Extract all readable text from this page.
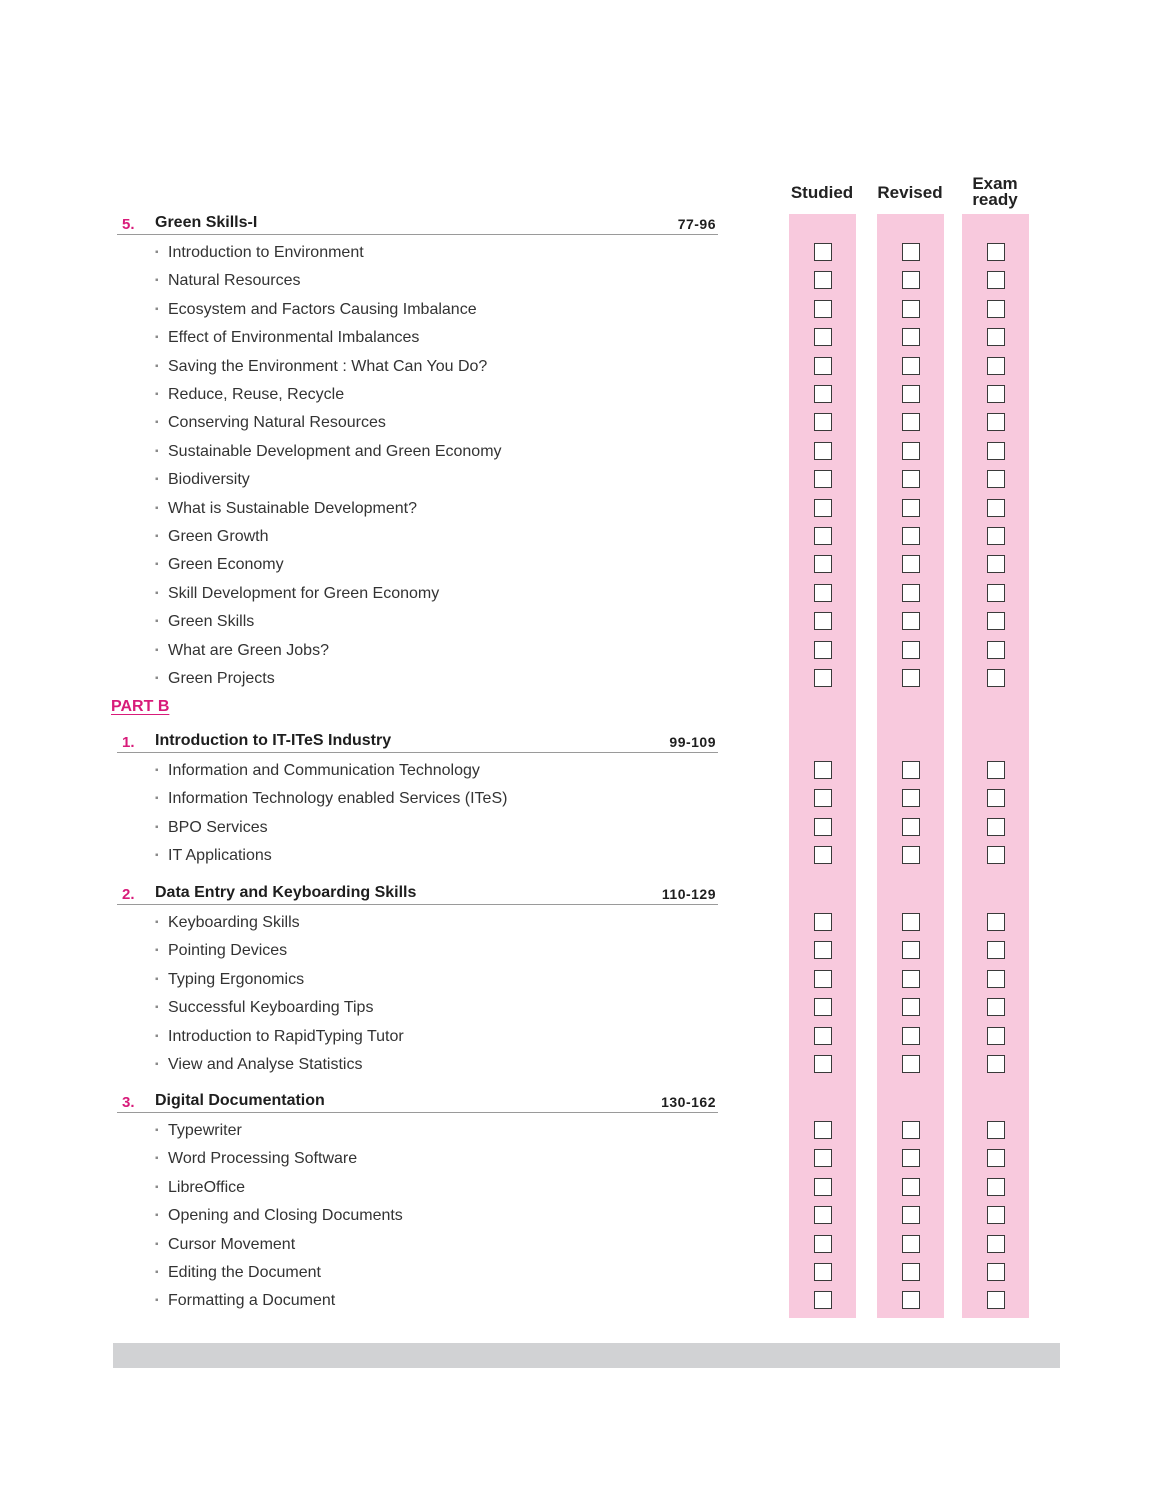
Studied	Revised	Exam
ready
5. Green Skills-I	77-96
▪ Introduction to Environment
▪ Natural Resources
▪ Ecosystem and Factors Causing Imbalance
▪ Effect of Environmental Imbalances
▪ Saving the Environment : What Can You Do?
▪ Reduce, Reuse, Recycle
▪ Conserving Natural Resources
▪ Sustainable Development and Green Economy
▪ Biodiversity
▪ What is Sustainable Development?
▪ Green Growth
▪ Green Economy
▪ Skill Development for Green Economy
▪ Green Skills
▪ What are Green Jobs?
▪ Green Projects
PART B
1. Introduction to IT-ITeS Industry	99-109
▪ Information and Communication Technology
▪ Information Technology enabled Services (ITeS)
▪ BPO Services
▪ IT Applications
2. Data Entry and Keyboarding Skills	110-129
▪ Keyboarding Skills
▪ Pointing Devices
▪ Typing Ergonomics
▪ Successful Keyboarding Tips
▪ Introduction to RapidTyping Tutor
▪ View and Analyse Statistics
3. Digital Documentation	130-162
▪ Typewriter
▪ Word Processing Software
▪ LibreOffice
▪ Opening and Closing Documents
▪ Cursor Movement
▪ Editing the Document
▪ Formatting a Document
